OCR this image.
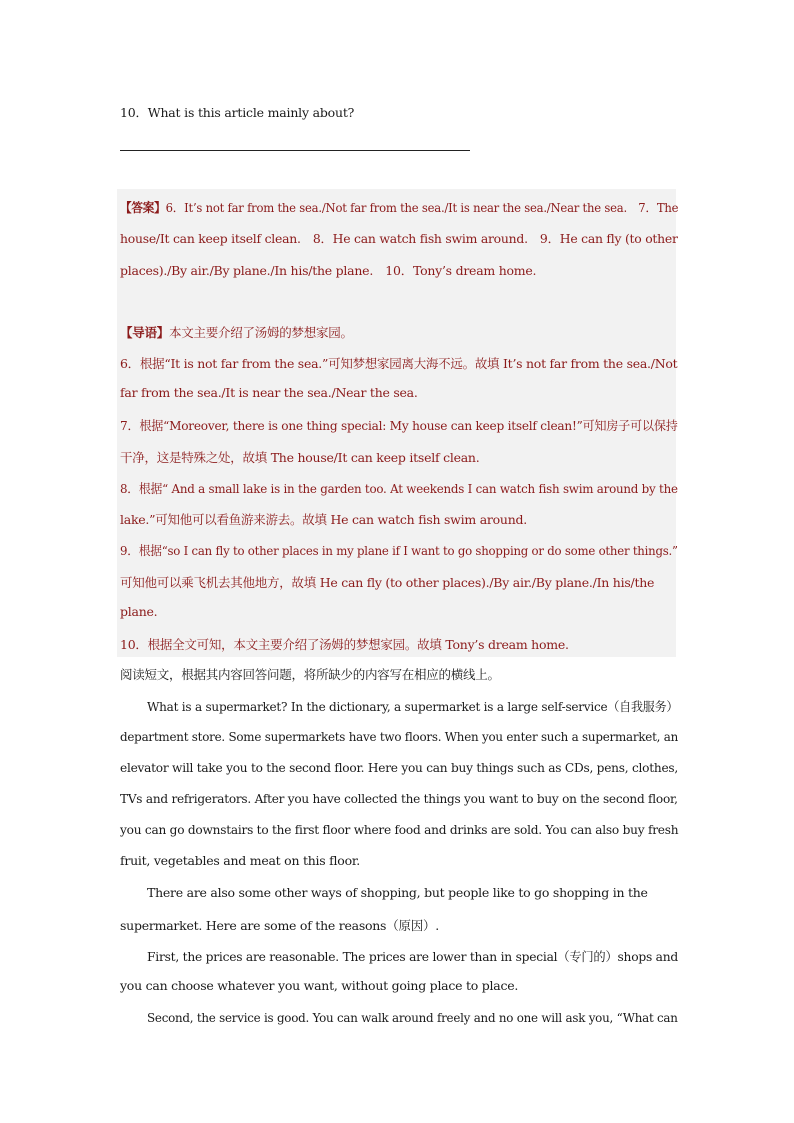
10．What is this article mainly about?
【答案】6．It’s not far from the sea./Not far from the sea./It is near the sea./Near the sea.　7．The
house/It can keep itself clean.　8．He can watch fish swim around.　9．He can fly (to other
places)./By air./By plane./In his/the plane.　10．Tony’s dream home.
【导语】本文主要介绍了汤姆的梦想家园。
6．根据“It is not far from the sea.”可知梦想家园离大海不远。故填 It’s not far from the sea./Not
far from the sea./It is near the sea./Near the sea.
7．根据“Moreover, there is one thing special: My house can keep itself clean!”可知房子可以保持
干净，这是特殊之处，故填 The house/It can keep itself clean.
8．根据“ And a small lake is in the garden too. At weekends I can watch fish swim around by the
lake.”可知他可以看鱼游来游去。故填 He can watch fish swim around.
9．根据“so I can fly to other places in my plane if I want to go shopping or do some other things.”
可知他可以乘飞机去其他地方，故填 He can fly (to other places)./By air./By plane./In his/the
plane.
10．根据全文可知，本文主要介绍了汤姆的梦想家园。故填 Tony’s dream home.
阅读短文，根据其内容回答问题，将所缺少的内容写在相应的横线上。
What is a supermarket? In the dictionary, a supermarket is a large self-service（自我服务）
department store. Some supermarkets have two floors. When you enter such a supermarket, an
elevator will take you to the second floor. Here you can buy things such as CDs, pens, clothes,
TVs and refrigerators. After you have collected the things you want to buy on the second floor,
you can go downstairs to the first floor where food and drinks are sold. You can also buy fresh
fruit, vegetables and meat on this floor.
There are also some other ways of shopping, but people like to go shopping in the
supermarket. Here are some of the reasons（原因）.
First, the prices are reasonable. The prices are lower than in special（专门的）shops and
you can choose whatever you want, without going place to place.
Second, the service is good. You can walk around freely and no one will ask you, “What can
